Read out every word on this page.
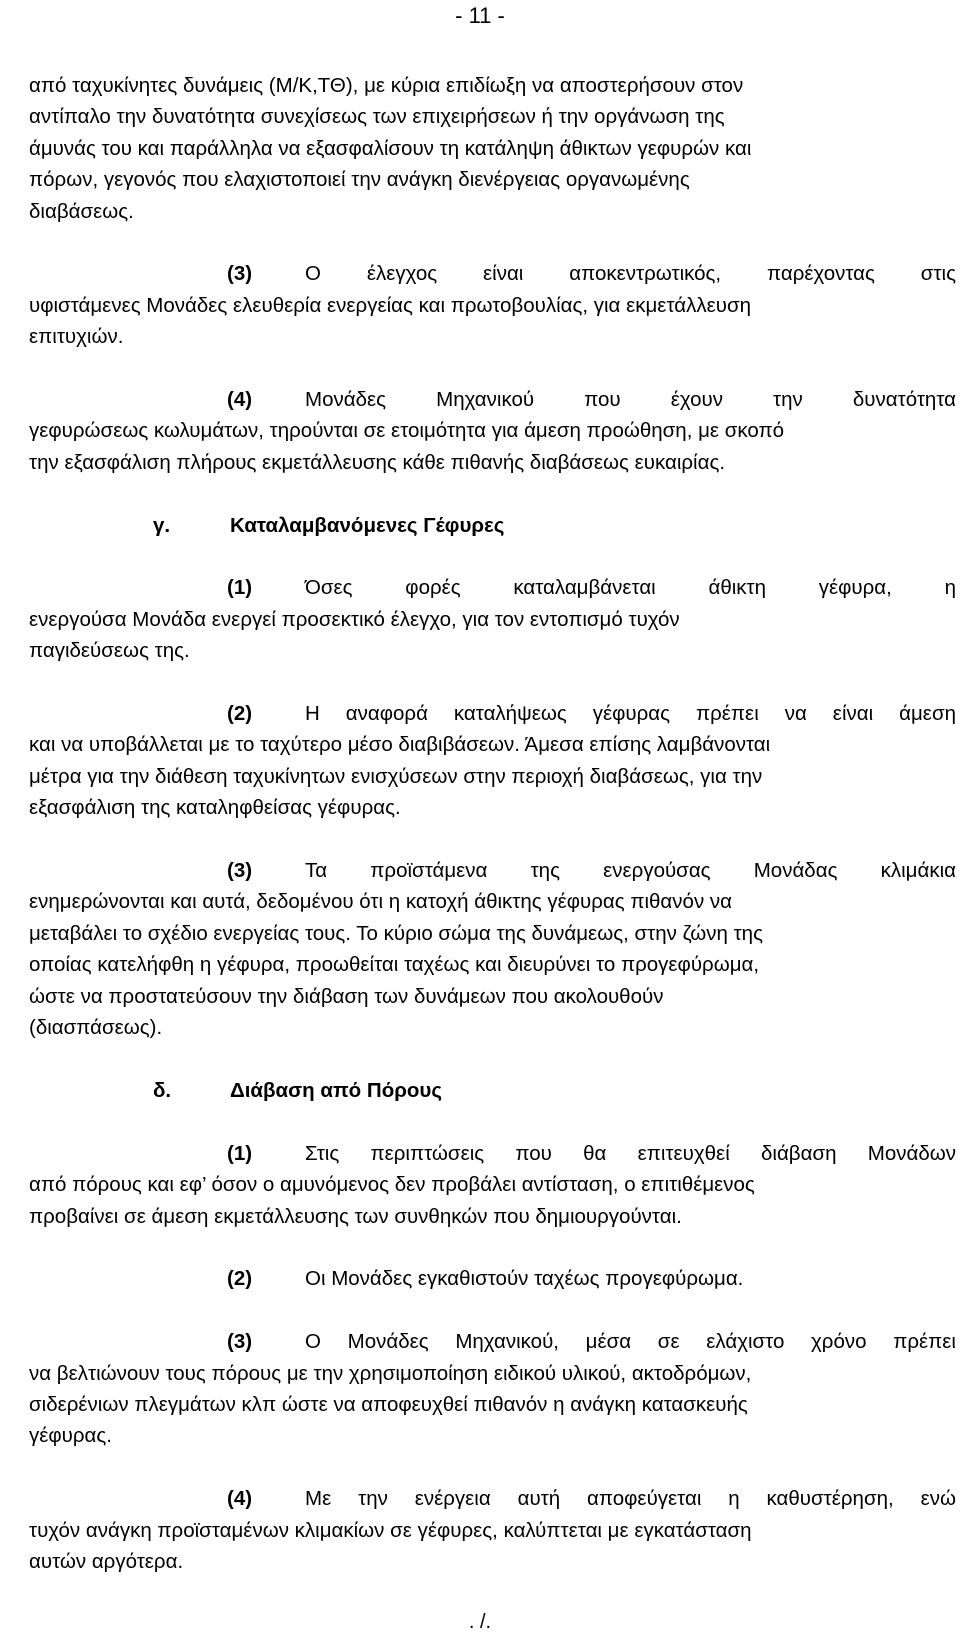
- 11 -

από ταχυκίνητες δυνάμεις (Μ/Κ,ΤΘ), με κύρια επιδίωξη να αποστερήσουν στον

αντίπαλο την δυνατότητα συνεχίσεως των επιχειρήσεων ή την οργάνωση της

άμυνάς του και παράλληλα να εξασφαλίσουν τη κατάληψη άθικτων γεφυρών και

πόρων, γεγονός που ελαχιστοποιεί την ανάγκη διενέργειας οργανωμένης

διαβάσεως.

(3)	Ο έλεγχος είναι αποκεντρωτικός, παρέχοντας στις

υφιστάμενες Μονάδες ελευθερία ενεργείας και πρωτοβουλίας, για εκμετάλλευση

επιτυχιών.

(4)	Μονάδες Μηχανικού που έχουν την δυνατότητα

γεφυρώσεως κωλυμάτων, τηρούνται σε ετοιμότητα για άμεση προώθηση, με σκοπό

την εξασφάλιση πλήρους εκμετάλλευσης κάθε πιθανής διαβάσεως ευκαιρίας.

γ.	Καταλαμβανόμενες Γέφυρες
(1)	Όσες φορές καταλαμβάνεται άθικτη γέφυρα, η

ενεργούσα Μονάδα ενεργεί προσεκτικό έλεγχο, για τον εντοπισμό τυχόν

παγιδεύσεως της.

(2)	Η αναφορά καταλήψεως γέφυρας πρέπει να είναι άμεση

και να υποβάλλεται με το ταχύτερο μέσο διαβιβάσεων. Άμεσα επίσης λαμβάνονται

μέτρα για την διάθεση ταχυκίνητων ενισχύσεων στην περιοχή διαβάσεως, για την

εξασφάλιση της καταληφθείσας γέφυρας.

(3)	Τα προϊστάμενα της ενεργούσας Μονάδας κλιμάκια

ενημερώνονται και αυτά, δεδομένου ότι η κατοχή άθικτης γέφυρας πιθανόν να

μεταβάλει το σχέδιο ενεργείας τους. Το κύριο σώμα της δυνάμεως, στην ζώνη της

οποίας κατελήφθη η γέφυρα, προωθείται ταχέως και διευρύνει το προγεφύρωμα,

ώστε να προστατεύσουν την διάβαση των δυνάμεων που ακολουθούν

(διασπάσεως).

δ.	Διάβαση από Πόρους
(1)	Στις περιπτώσεις που θα επιτευχθεί διάβαση Μονάδων

από πόρους και εφ’ όσον ο αμυνόμενος δεν προβάλει αντίσταση, ο επιτιθέμενος

προβαίνει σε άμεση εκμετάλλευσης των συνθηκών που δημιουργούνται.

(2)	Οι Μονάδες εγκαθιστούν ταχέως προγεφύρωμα.
(3)	Ο Μονάδες Μηχανικού, μέσα σε ελάχιστο χρόνο πρέπει

να βελτιώνουν τους πόρους με την χρησιμοποίηση ειδικού υλικού, ακτοδρόμων,

σιδερένιων πλεγμάτων κλπ ώστε να αποφευχθεί πιθανόν η ανάγκη κατασκευής

γέφυρας.

(4)	Με την ενέργεια αυτή αποφεύγεται η καθυστέρηση, ενώ

τυχόν ανάγκη προϊσταμένων κλιμακίων σε γέφυρες, καλύπτεται με εγκατάσταση

αυτών αργότερα.

. /.
